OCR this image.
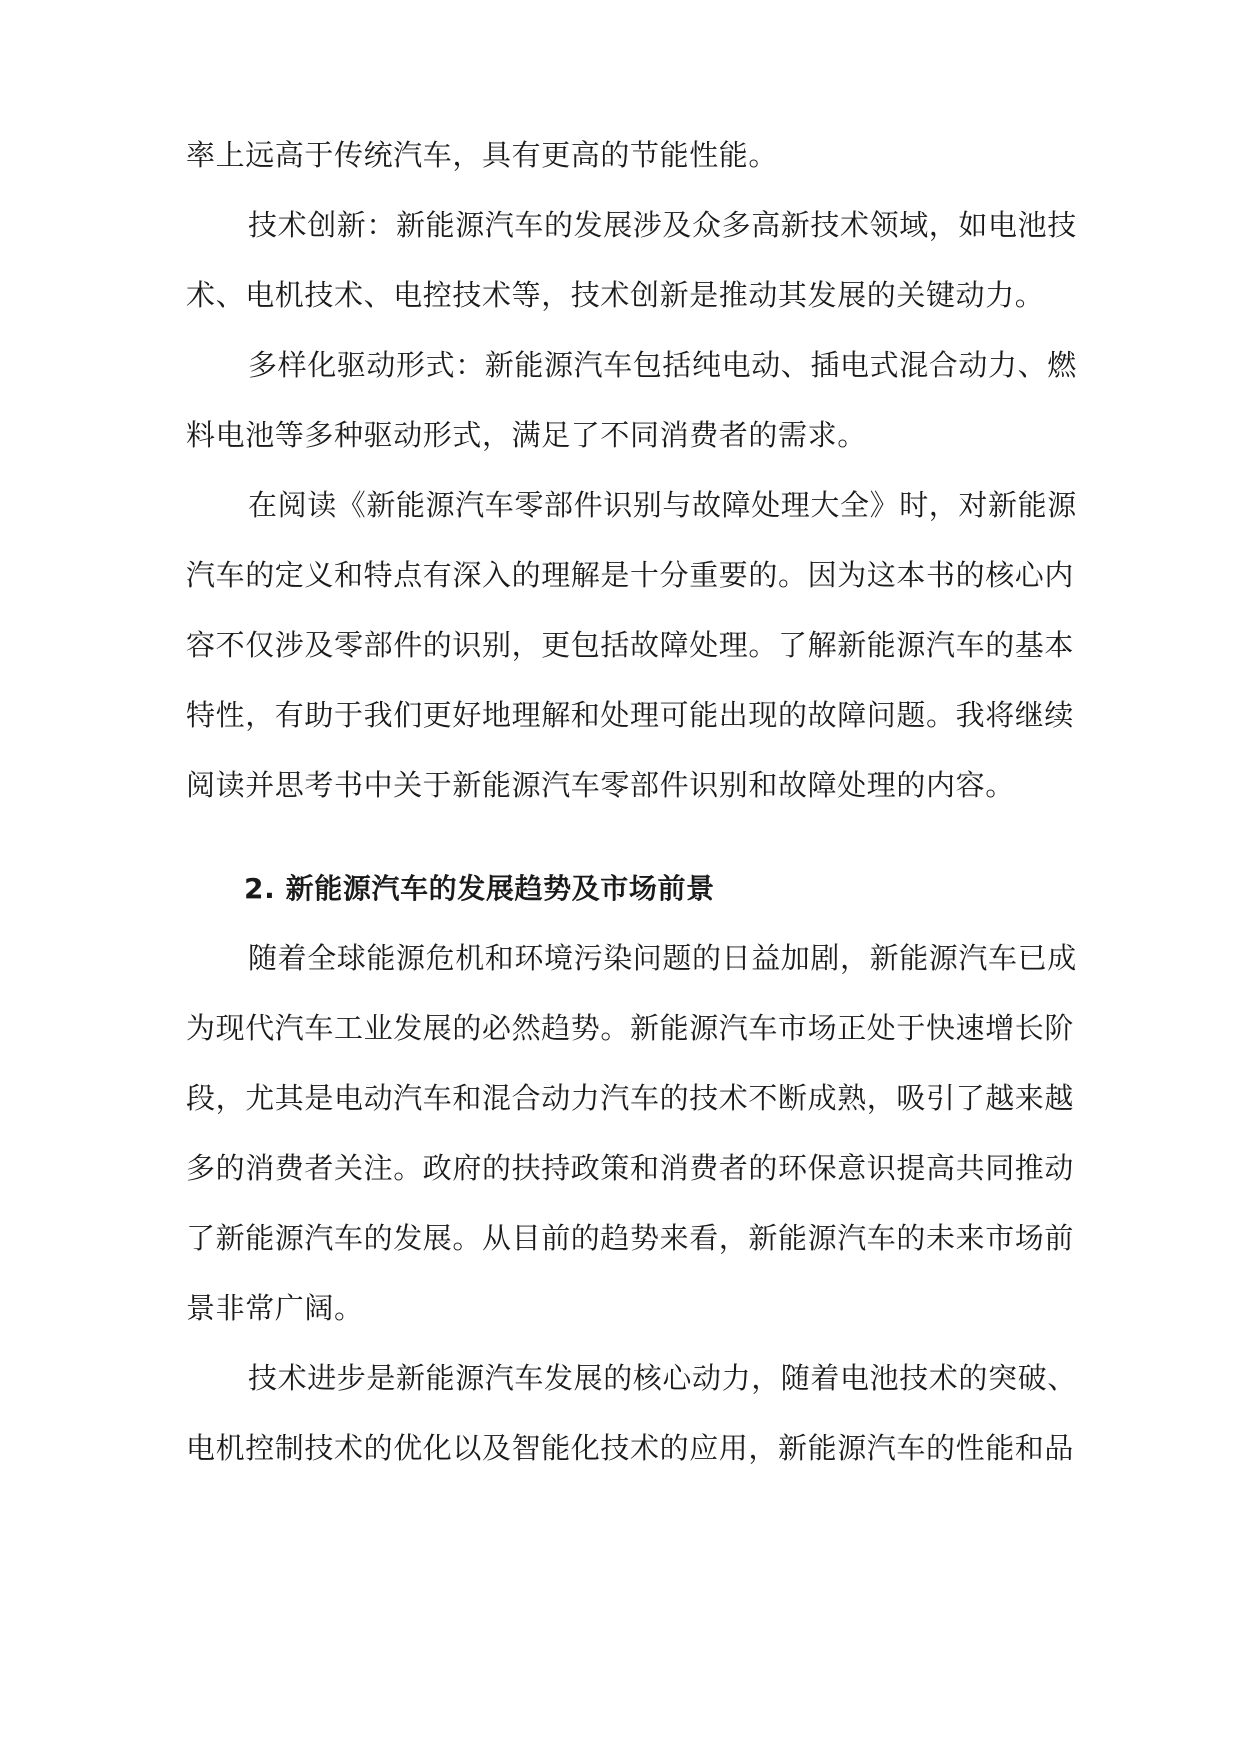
率上远高于传统汽车，具有更高的节能性能。
技术创新：新能源汽车的发展涉及众多高新技术领域，如电池技
术、电机技术、电控技术等，技术创新是推动其发展的关键动力。
多样化驱动形式：新能源汽车包括纯电动、插电式混合动力、燃
料电池等多种驱动形式，满足了不同消费者的需求。
在阅读《新能源汽车零部件识别与故障处理大全》时，对新能源
汽车的定义和特点有深入的理解是十分重要的。因为这本书的核心内
容不仅涉及零部件的识别，更包括故障处理。了解新能源汽车的基本
特性，有助于我们更好地理解和处理可能出现的故障问题。我将继续
阅读并思考书中关于新能源汽车零部件识别和故障处理的内容。
2. 新能源汽车的发展趋势及市场前景
随着全球能源危机和环境污染问题的日益加剧，新能源汽车已成
为现代汽车工业发展的必然趋势。新能源汽车市场正处于快速增长阶
段，尤其是电动汽车和混合动力汽车的技术不断成熟，吸引了越来越
多的消费者关注。政府的扶持政策和消费者的环保意识提高共同推动
了新能源汽车的发展。从目前的趋势来看，新能源汽车的未来市场前
景非常广阔。
技术进步是新能源汽车发展的核心动力，随着电池技术的突破、
电机控制技术的优化以及智能化技术的应用，新能源汽车的性能和品
